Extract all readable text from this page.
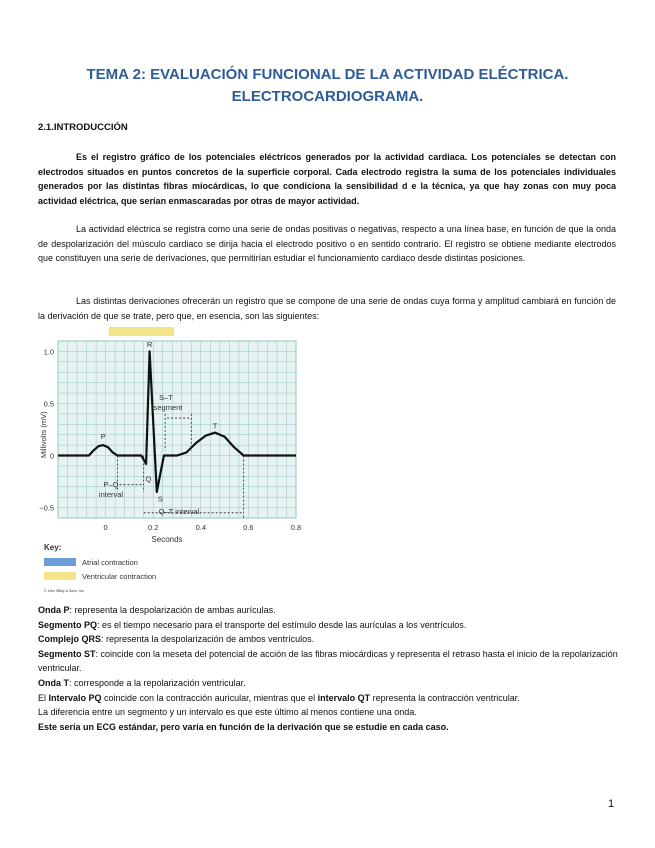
TEMA 2: EVALUACIÓN FUNCIONAL DE LA ACTIVIDAD ELÉCTRICA.
ELECTROCARDIOGRAMA.
2.1.INTRODUCCIÓN

Es el registro gráfico de los potenciales eléctricos generados por la actividad cardiaca. Los potenciales se detectan con electrodos situados en puntos concretos de la superficie corporal. Cada electrodo registra la suma de los potenciales individuales generados por las distintas fibras miocárdicas, lo que condiciona la sensibilidad d e la técnica, ya que hay zonas con muy poca actividad eléctrica, que serían enmascaradas por otras de mayor actividad.

La actividad eléctrica se registra como una serie de ondas positivas o negativas, respecto a una línea base, en función de que la onda de despolarización del músculo cardiaco se dirija hacia el electrodo positivo o en sentido contrario. El registro se obtiene mediante electrodos que constituyen una serie de derivaciones, que permitirían estudiar el funcionamiento cardiaco desde distintas posiciones.

Las distintas derivaciones ofrecerán un registro que se compone de una serie de ondas cuya forma y amplitud cambiará en función de la derivación de que se trate, pero que, en esencia, son las siguientes:

0	0.2	0.4	0.6	0.8
1.0
0.5
0
−0.5
Seconds
Millivolts (mV)
S–T
segment
P–Q
interval
Q–T interval
P
Q
R
S
T
Key:
Atrial contraction
Ventricular contraction
© John Wiley & Sons, Inc.

Onda P: representa la despolarización de ambas aurículas.

Segmento PQ: es el tiempo necesario para el transporte del estímulo desde las aurículas a los ventrículos.

Complejo QRS: representa la despolarización de ambos ventrículos.

Segmento ST: coincide con la meseta del potencial de acción de las fibras miocárdicas y representa el retraso hasta el inicio de la repolarización ventricular.

Onda T: corresponde a la repolarización ventricular.

El Intervalo PQ coincide con la contracción auricular, mientras que el intervalo QT representa la contracción ventricular.

La diferencia entre un segmento y un intervalo es que este último al menos contiene una onda.

Este sería un ECG estándar, pero varía en función de la derivación que se estudie en cada caso.

1
